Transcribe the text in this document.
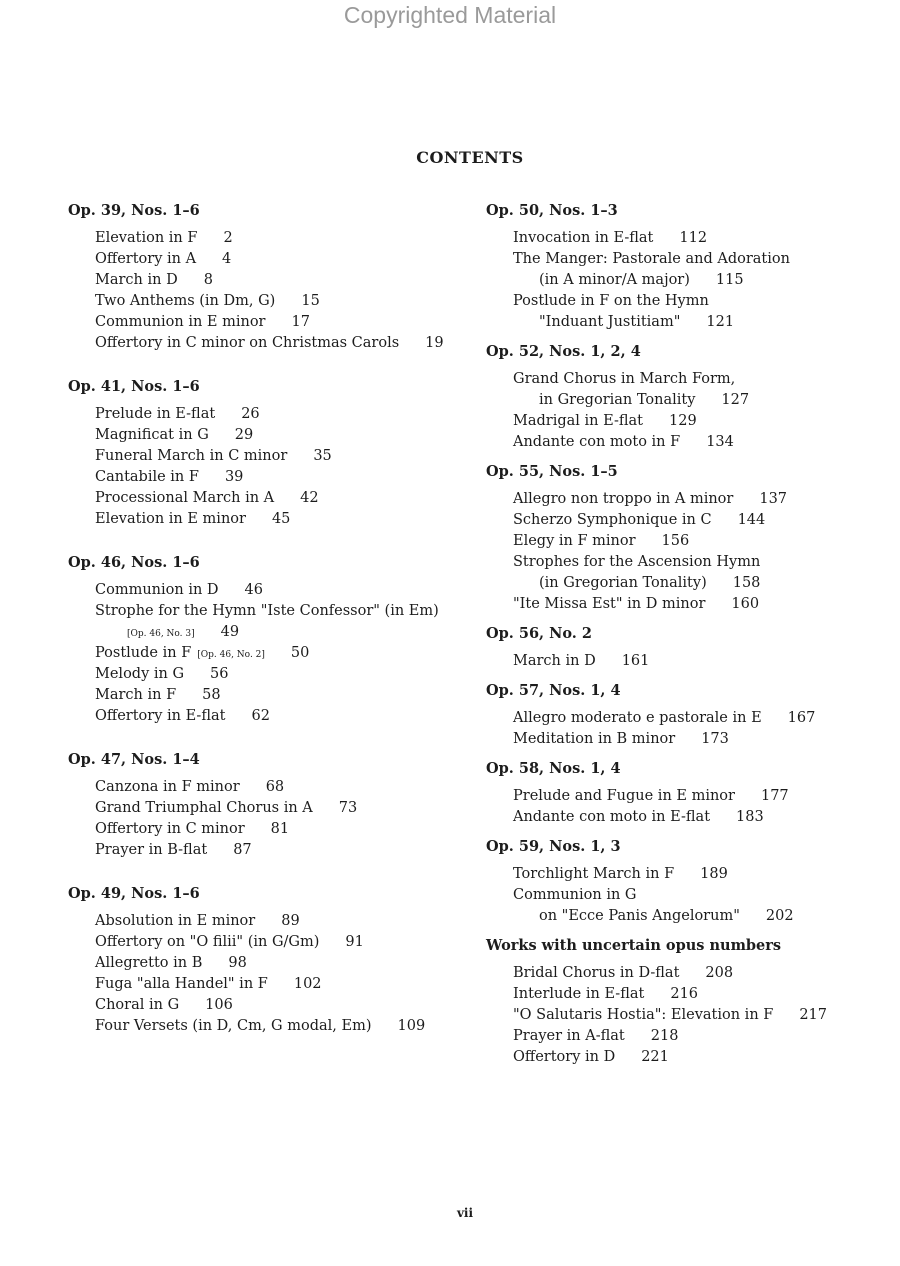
Copyrighted Material
CONTENTS
Op. 39, Nos. 1–6
Elevation in F 2
Offertory in A 4
March in D 8
Two Anthems (in Dm, G) 15
Communion in E minor 17
Offertory in C minor on Christmas Carols 19
Op. 41, Nos. 1–6
Prelude in E-flat 26
Magnificat in G 29
Funeral March in C minor 35
Cantabile in F 39
Processional March in A 42
Elevation in E minor 45
Op. 46, Nos. 1–6
Communion in D 46
Strophe for the Hymn "Iste Confessor" (in Em)
[Op. 46, No. 3] 49
Postlude in F [Op. 46, No. 2] 50
Melody in G 56
March in F 58
Offertory in E-flat 62
Op. 47, Nos. 1–4
Canzona in F minor 68
Grand Triumphal Chorus in A 73
Offertory in C minor 81
Prayer in B-flat 87
Op. 49, Nos. 1–6
Absolution in E minor 89
Offertory on "O filii" (in G/Gm) 91
Allegretto in B 98
Fuga "alla Handel" in F 102
Choral in G 106
Four Versets (in D, Cm, G modal, Em) 109
Op. 50, Nos. 1–3
Invocation in E-flat 112
The Manger: Pastorale and Adoration
(in A minor/A major) 115
Postlude in F on the Hymn
"Induant Justitiam" 121
Op. 52, Nos. 1, 2, 4
Grand Chorus in March Form,
in Gregorian Tonality 127
Madrigal in E-flat 129
Andante con moto in F 134
Op. 55, Nos. 1–5
Allegro non troppo in A minor 137
Scherzo Symphonique in C 144
Elegy in F minor 156
Strophes for the Ascension Hymn
(in Gregorian Tonality) 158
"Ite Missa Est" in D minor 160
Op. 56, No. 2
March in D 161
Op. 57, Nos. 1, 4
Allegro moderato e pastorale in E 167
Meditation in B minor 173
Op. 58, Nos. 1, 4
Prelude and Fugue in E minor 177
Andante con moto in E-flat 183
Op. 59, Nos. 1, 3
Torchlight March in F 189
Communion in G
on "Ecce Panis Angelorum" 202
Works with uncertain opus numbers
Bridal Chorus in D-flat 208
Interlude in E-flat 216
"O Salutaris Hostia": Elevation in F 217
Prayer in A-flat 218
Offertory in D 221
vii
